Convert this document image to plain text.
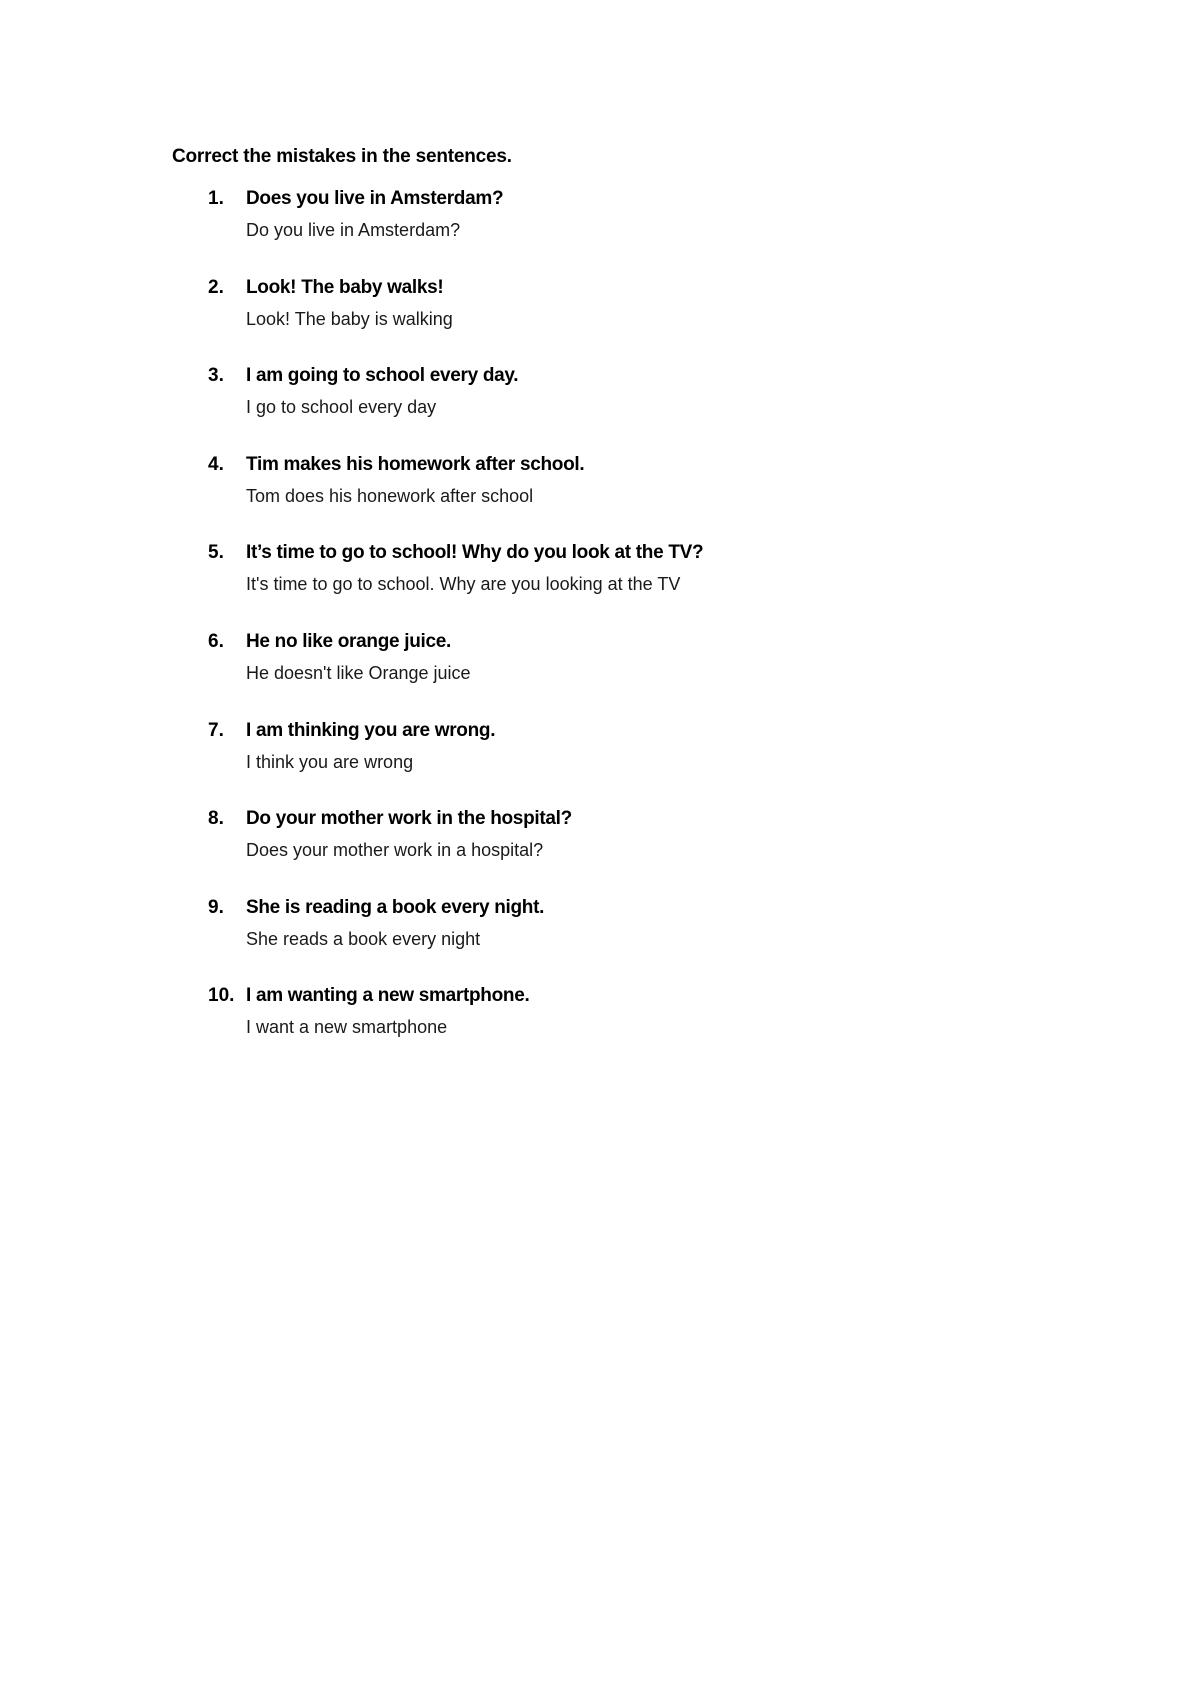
Correct the mistakes in the sentences.
1. Does you live in Amsterdam?
Do you live in Amsterdam?
2. Look! The baby walks!
Look! The baby is walking
3. I am going to school every day.
I go to school every day
4. Tim makes his homework after school.
Tom does his honework after school
5. It’s time to go to school! Why do you look at the TV?
It's time to go to school. Why are you looking at the TV
6. He no like orange juice.
He doesn't like Orange juice
7. I am thinking you are wrong.
I think you are wrong
8. Do your mother work in the hospital?
Does your mother work in a hospital?
9. She is reading a book every night.
She reads a book every night
10. I am wanting a new smartphone.
I want a new smartphone
